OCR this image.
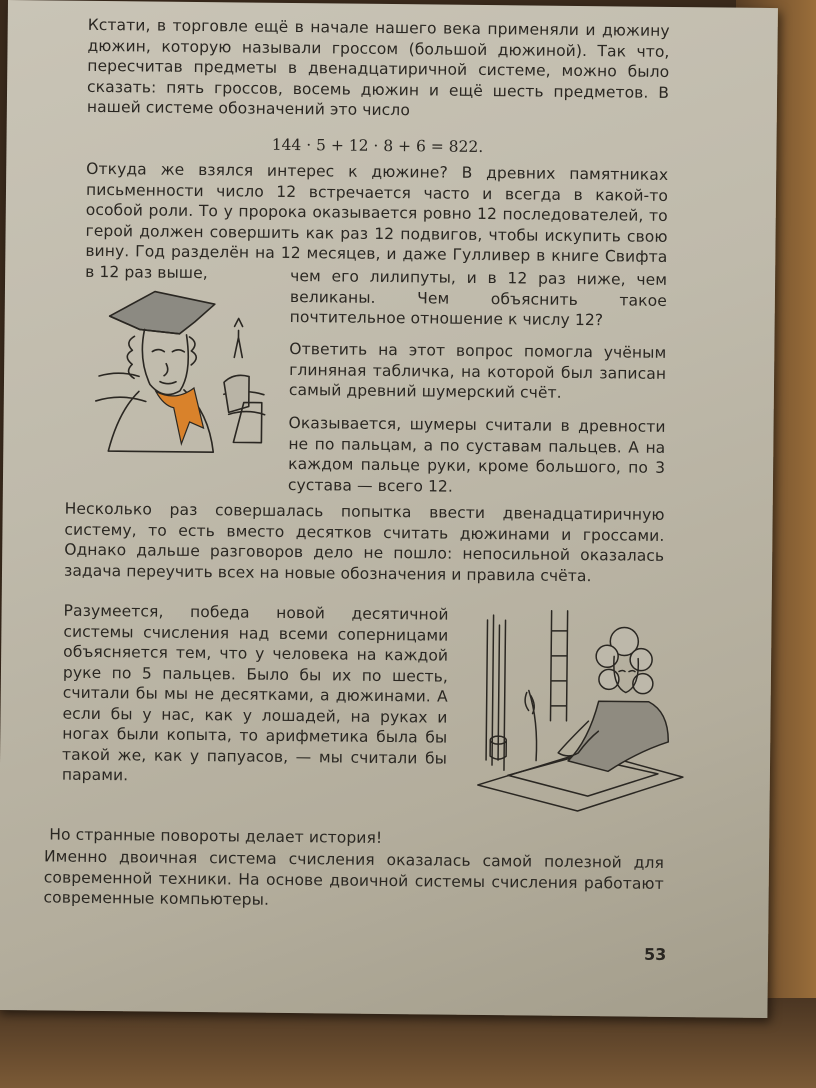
Кстати, в торговле ещё в начале нашего века применяли и дюжину дюжин, которую называли гроссом (большой дюжиной). Так что, пересчитав предметы в двенадцатиричной системе, можно было сказать: пять гроссов, восемь дюжин и ещё шесть предметов. В нашей системе обозначений это число

144 · 5 + 12 · 8 + 6 = 822.

Откуда же взялся интерес к дюжине? В древних памятниках письменности число 12 встречается часто и всегда в какой-то особой роли. То у пророка оказывается ровно 12 последователей, то герой должен совершить как раз 12 подвигов, чтобы искупить свою вину. Год разделён на 12 месяцев, и даже Гулливер в книге Свифта в 12 раз выше,	чем его лилипуты, и в 12 раз ниже, чем великаны. Чем объяснить такое почтительное отношение к числу 12?

Ответить на этот вопрос помогла учёным глиняная табличка, на которой был записан самый древний шумерский счёт.

Оказывается, шумеры считали в древности не по пальцам, а по суставам пальцев. А на каждом пальце руки, кроме большого, по 3 сустава — всего 12.

Несколько раз совершалась попытка ввести двенадцатиричную систему, то есть вместо десятков считать дюжинами и гроссами. Однако дальше разговоров дело не пошло: непосильной оказалась задача переучить всех на новые обозначения и правила счёта.

Разумеется, победа новой десятичной системы счисления над всеми соперницами объясняется тем, что у человека на каждой руке по 5 пальцев. Было бы их по шесть, считали бы мы не десятками, а дюжинами. А если бы у нас, как у лошадей, на руках и ногах были копыта, то арифметика была бы такой же, как у папуасов, — мы считали бы парами.

Но странные повороты делает история!

Именно двоичная система счисления оказалась самой полезной для современной техники. На основе двоичной системы счисления работают современные компьютеры.

53
